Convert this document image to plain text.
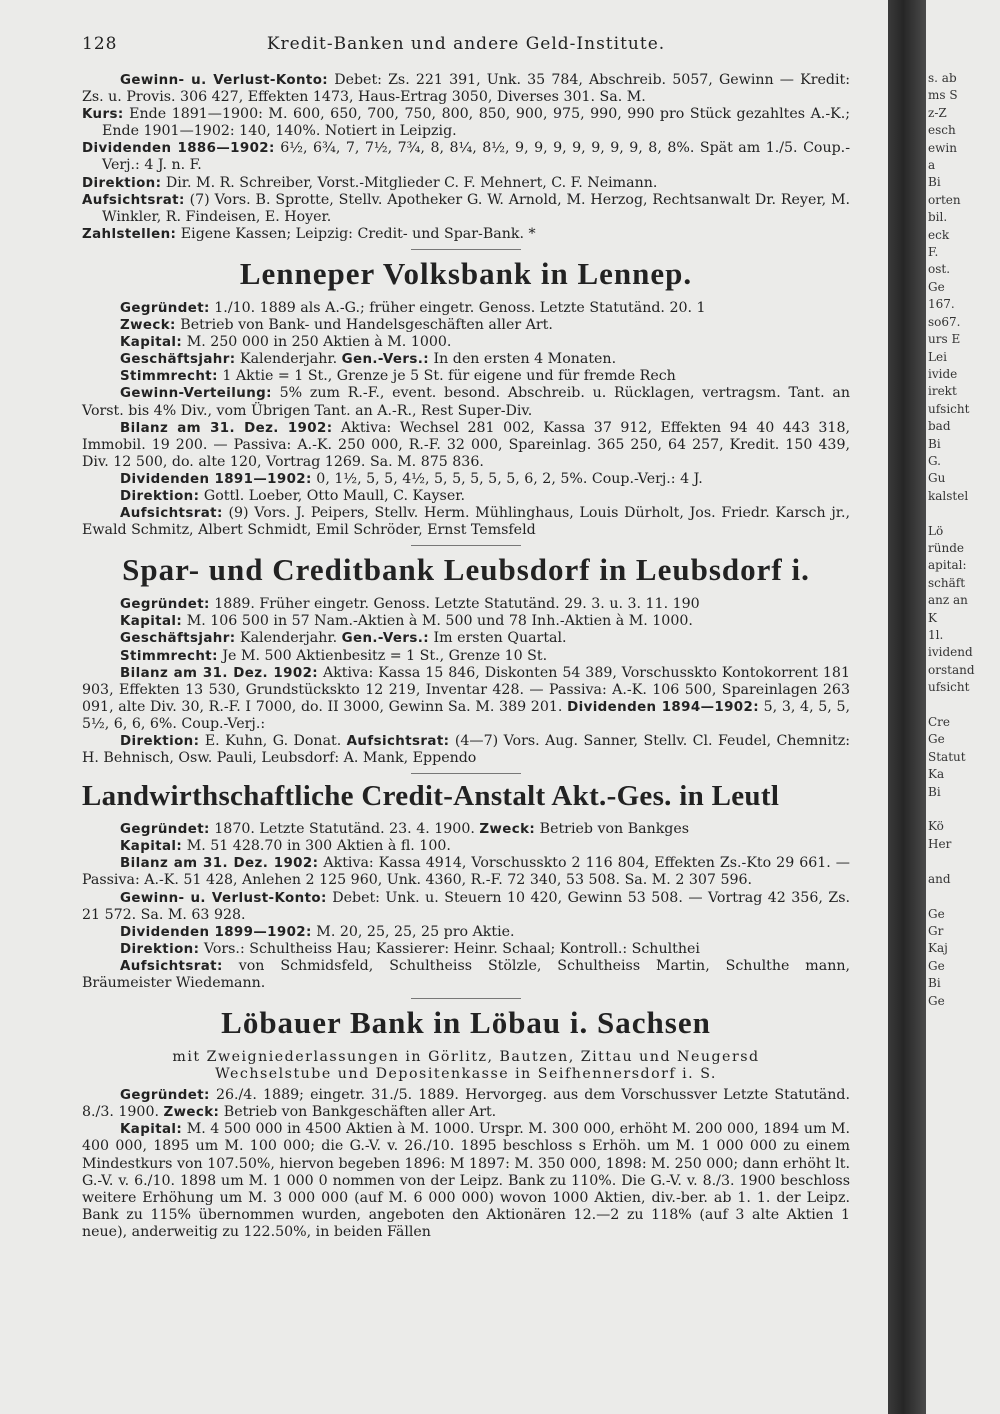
128	Kredit-Banken und andere Geld-Institute.

Gewinn- u. Verlust-Konto: Debet: Zs. 221 391, Unk. 35 784, Abschreib. 5057, Gewinn — Kredit: Zs. u. Provis. 306 427, Effekten 1473, Haus-Ertrag 3050, Diverses 301. Sa. M.

Kurs: Ende 1891—1900: M. 600, 650, 700, 750, 800, 850, 900, 975, 990, 990 pro Stück gezahltes A.-K.; Ende 1901—1902: 140, 140%. Notiert in Leipzig.

Dividenden 1886—1902: 6½, 6¾, 7, 7½, 7¾, 8, 8¼, 8½, 9, 9, 9, 9, 9, 9, 9, 8, 8%. Spät am 1./5. Coup.-Verj.: 4 J. n. F.

Direktion: Dir. M. R. Schreiber, Vorst.-Mitglieder C. F. Mehnert, C. F. Neimann.

Aufsichtsrat: (7) Vors. B. Sprotte, Stellv. Apotheker G. W. Arnold, M. Herzog, Rechtsanwalt Dr. Reyer, M. Winkler, R. Findeisen, E. Hoyer.

Zahlstellen: Eigene Kassen; Leipzig: Credit- und Spar-Bank. *

Lenneper Volksbank in Lennep.

Gegründet: 1./10. 1889 als A.-G.; früher eingetr. Genoss. Letzte Statutänd. 20. 1

Zweck: Betrieb von Bank- und Handelsgeschäften aller Art.

Kapital: M. 250 000 in 250 Aktien à M. 1000.

Geschäftsjahr: Kalenderjahr. Gen.-Vers.: In den ersten 4 Monaten.

Stimmrecht: 1 Aktie = 1 St., Grenze je 5 St. für eigene und für fremde Rech

Gewinn-Verteilung: 5% zum R.-F., event. besond. Abschreib. u. Rücklagen, vertragsm. Tant. an Vorst. bis 4% Div., vom Übrigen Tant. an A.-R., Rest Super-Div.

Bilanz am 31. Dez. 1902: Aktiva: Wechsel 281 002, Kassa 37 912, Effekten 94 40 443 318, Immobil. 19 200. — Passiva: A.-K. 250 000, R.-F. 32 000, Spareinlag. 365 250, 64 257, Kredit. 150 439, Div. 12 500, do. alte 120, Vortrag 1269. Sa. M. 875 836.

Dividenden 1891—1902: 0, 1½, 5, 5, 4½, 5, 5, 5, 5, 5, 6, 2, 5%. Coup.-Verj.: 4 J.

Direktion: Gottl. Loeber, Otto Maull, C. Kayser.

Aufsichtsrat: (9) Vors. J. Peipers, Stellv. Herm. Mühlinghaus, Louis Dürholt, Jos. Friedr. Karsch jr., Ewald Schmitz, Albert Schmidt, Emil Schröder, Ernst Temsfeld

Spar- und Creditbank Leubsdorf in Leubsdorf i.

Gegründet: 1889. Früher eingetr. Genoss. Letzte Statutänd. 29. 3. u. 3. 11. 190

Kapital: M. 106 500 in 57 Nam.-Aktien à M. 500 und 78 Inh.-Aktien à M. 1000.

Geschäftsjahr: Kalenderjahr. Gen.-Vers.: Im ersten Quartal.

Stimmrecht: Je M. 500 Aktienbesitz = 1 St., Grenze 10 St.

Bilanz am 31. Dez. 1902: Aktiva: Kassa 15 846, Diskonten 54 389, Vorschusskto Kontokorrent 181 903, Effekten 13 530, Grundstückskto 12 219, Inventar 428. — Passiva: A.-K. 106 500, Spareinlagen 263 091, alte Div. 30, R.-F. I 7000, do. II 3000, Gewinn Sa. M. 389 201. Dividenden 1894—1902: 5, 3, 4, 5, 5, 5½, 6, 6, 6%. Coup.-Verj.:

Direktion: E. Kuhn, G. Donat. Aufsichtsrat: (4—7) Vors. Aug. Sanner, Stellv. Cl. Feudel, Chemnitz: H. Behnisch, Osw. Pauli, Leubsdorf: A. Mank, Eppendo

Landwirthschaftliche Credit-Anstalt Akt.-Ges. in Leutl

Gegründet: 1870. Letzte Statutänd. 23. 4. 1900. Zweck: Betrieb von Bankges

Kapital: M. 51 428.70 in 300 Aktien à fl. 100.

Bilanz am 31. Dez. 1902: Aktiva: Kassa 4914, Vorschusskto 2 116 804, Effekten Zs.-Kto 29 661. — Passiva: A.-K. 51 428, Anlehen 2 125 960, Unk. 4360, R.-F. 72 340, 53 508. Sa. M. 2 307 596.

Gewinn- u. Verlust-Konto: Debet: Unk. u. Steuern 10 420, Gewinn 53 508. — Vortrag 42 356, Zs. 21 572. Sa. M. 63 928.

Dividenden 1899—1902: M. 20, 25, 25, 25 pro Aktie.

Direktion: Vors.: Schultheiss Hau; Kassierer: Heinr. Schaal; Kontroll.: Schulthei

Aufsichtsrat: von Schmidsfeld, Schultheiss Stölzle, Schultheiss Martin, Schulthe mann, Bräumeister Wiedemann.

Löbauer Bank in Löbau i. Sachsen
mit Zweigniederlassungen in Görlitz, Bautzen, Zittau und Neugersd
Wechselstube und Depositenkasse in Seifhennersdorf i. S.

Gegründet: 26./4. 1889; eingetr. 31./5. 1889. Hervorgeg. aus dem Vorschussver Letzte Statutänd. 8./3. 1900. Zweck: Betrieb von Bankgeschäften aller Art.

Kapital: M. 4 500 000 in 4500 Aktien à M. 1000. Urspr. M. 300 000, erhöht M. 200 000, 1894 um M. 400 000, 1895 um M. 100 000; die G.-V. v. 26./10. 1895 beschloss s Erhöh. um M. 1 000 000 zu einem Mindestkurs von 107.50%, hiervon begeben 1896: M 1897: M. 350 000, 1898: M. 250 000; dann erhöht lt. G.-V. v. 6./10. 1898 um M. 1 000 0 nommen von der Leipz. Bank zu 110%. Die G.-V. v. 8./3. 1900 beschloss weitere Erhöhung um M. 3 000 000 (auf M. 6 000 000) wovon 1000 Aktien, div.-ber. ab 1. 1. der Leipz. Bank zu 115% übernommen wurden, angeboten den Aktionären 12.—2 zu 118% (auf 3 alte Aktien 1 neue), anderweitig zu 122.50%, in beiden Fällen

s. ab
ms S
z-Z
esch
ewin
a
Bi
orten
bil.
eck
F.
ost.
Ge
167.
so67.
urs E
Lei
ivide
irekt
ufsicht
bad
Bi
G.
Gu
kalstel

Lö
ründe
apital:
schäft
anz an
K
1l.
ividend
orstand
ufsicht

Cre
Ge
Statut
Ka
Bi

Kö
Her

and

Ge
Gr
Kaj
Ge
Bi
Ge
